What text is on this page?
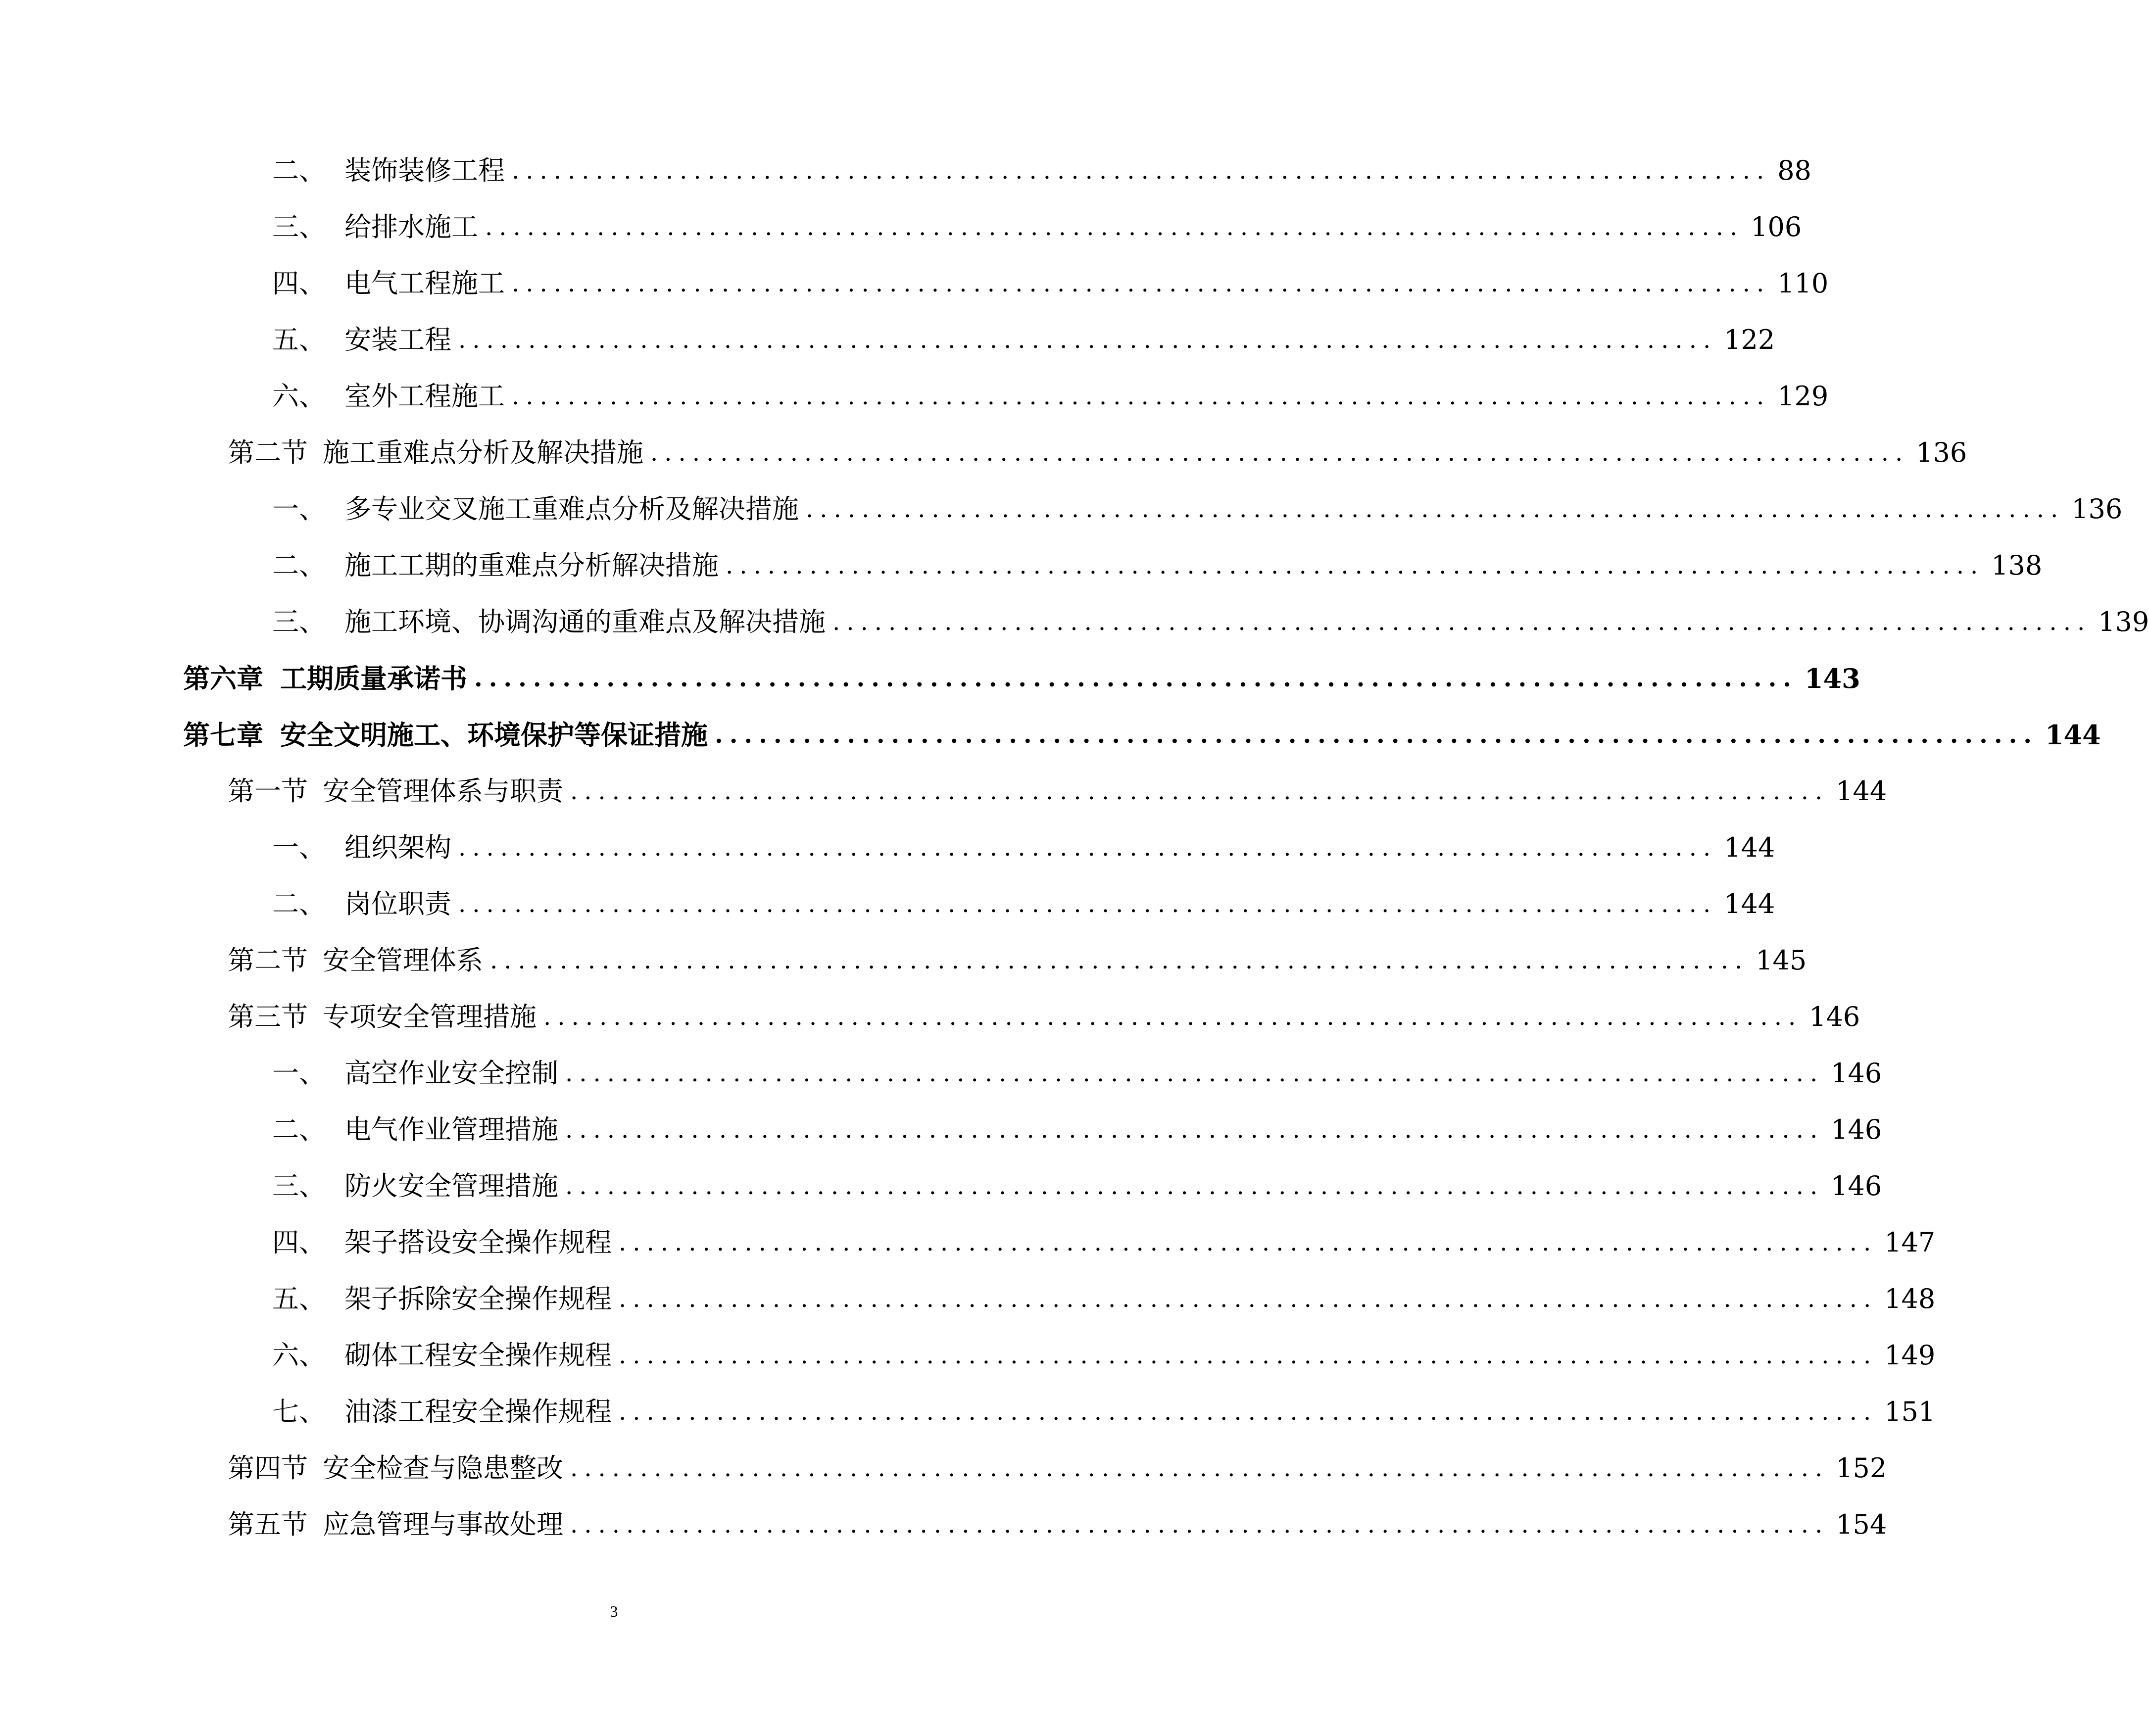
二、 装饰装修工程 .......................................................................................... 88
三、 给排水施工 .......................................................................................... 106
四、 电气工程施工 .......................................................................................... 110
五、 安装工程 .......................................................................................... 122
六、 室外工程施工 .......................................................................................... 129
第二节 施工重难点分析及解决措施 .......................................................................................... 136
一、 多专业交叉施工重难点分析及解决措施 .......................................................................................... 136
二、 施工工期的重难点分析解决措施 .......................................................................................... 138
三、 施工环境、协调沟通的重难点及解决措施 .......................................................................................... 139
第六章 工期质量承诺书 .......................................................................................... 143
第七章 安全文明施工、环境保护等保证措施 .......................................................................................... 144
第一节 安全管理体系与职责 .......................................................................................... 144
一、 组织架构 .......................................................................................... 144
二、 岗位职责 .......................................................................................... 144
第二节 安全管理体系 .......................................................................................... 145
第三节 专项安全管理措施 .......................................................................................... 146
一、 高空作业安全控制 .......................................................................................... 146
二、 电气作业管理措施 .......................................................................................... 146
三、 防火安全管理措施 .......................................................................................... 146
四、 架子搭设安全操作规程 .......................................................................................... 147
五、 架子拆除安全操作规程 .......................................................................................... 148
六、 砌体工程安全操作规程 .......................................................................................... 149
七、 油漆工程安全操作规程 .......................................................................................... 151
第四节 安全检查与隐患整改 .......................................................................................... 152
第五节 应急管理与事故处理 .......................................................................................... 154
3
